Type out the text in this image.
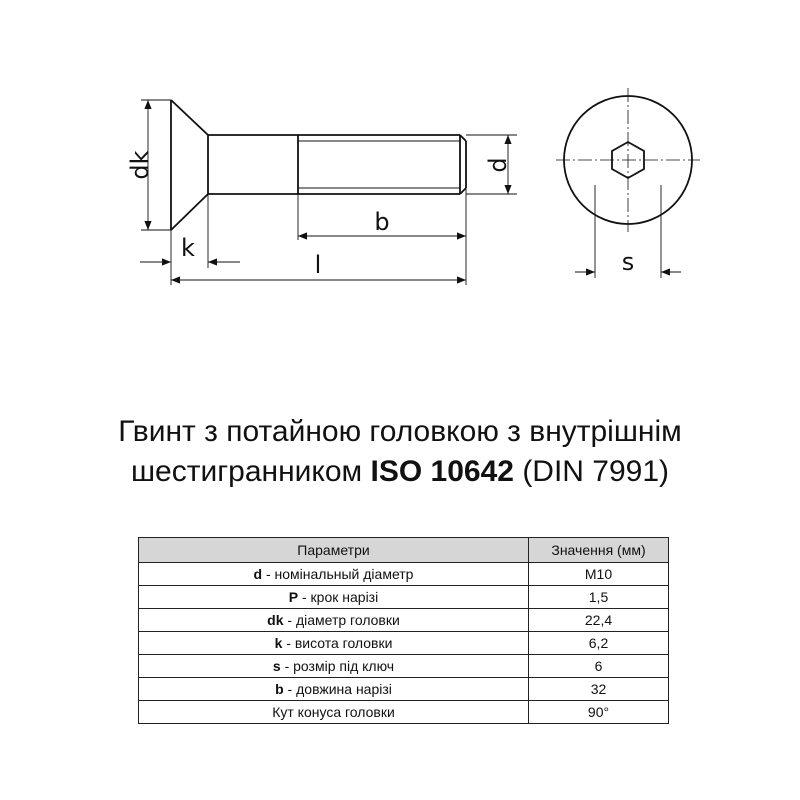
dk
k
b
l
d
s
Гвинт з потайною головкою з внутрішнім
шестигранником ISO 10642 (DIN 7991)
Параметри	Значення (мм)
d - номінальный діаметр	M10
P - крок нарізі	1,5
dk - діаметр головки	22,4
k - висота головки	6,2
s - розмір під ключ	6
b - довжина нарізі	32
Кут конуса головки	90°
